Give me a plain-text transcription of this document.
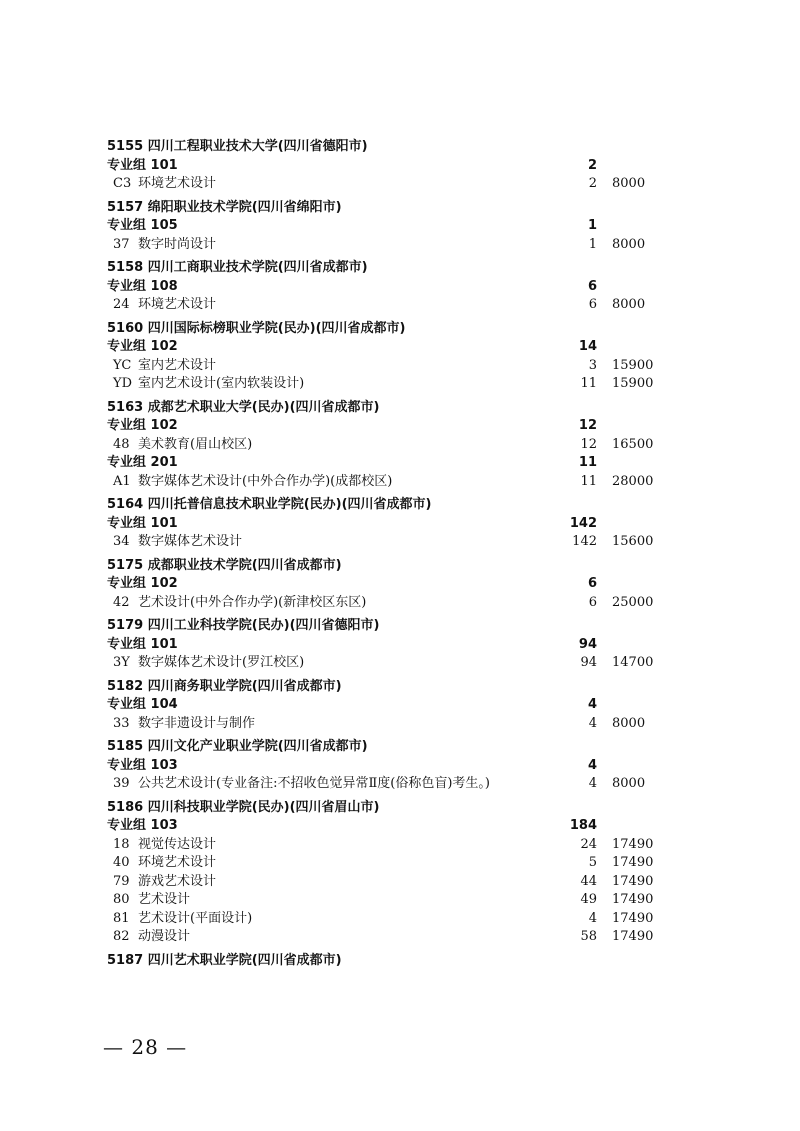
5155 四川工程职业技术大学(四川省德阳市)
专业组 101	2
C3 环境艺术设计	2 8000
5157 绵阳职业技术学院(四川省绵阳市)
专业组 105	1
37 数字时尚设计	1 8000
5158 四川工商职业技术学院(四川省成都市)
专业组 108	6
24 环境艺术设计	6 8000
5160 四川国际标榜职业学院(民办)(四川省成都市)
专业组 102	14
YC 室内艺术设计	3 15900
YD 室内艺术设计(室内软装设计)	11 15900
5163 成都艺术职业大学(民办)(四川省成都市)
专业组 102	12
48 美术教育(眉山校区)	12 16500
专业组 201	11
A1 数字媒体艺术设计(中外合作办学)(成都校区)	11 28000
5164 四川托普信息技术职业学院(民办)(四川省成都市)
专业组 101	142
34 数字媒体艺术设计	142 15600
5175 成都职业技术学院(四川省成都市)
专业组 102	6
42 艺术设计(中外合作办学)(新津校区东区)	6 25000
5179 四川工业科技学院(民办)(四川省德阳市)
专业组 101	94
3Y 数字媒体艺术设计(罗江校区)	94 14700
5182 四川商务职业学院(四川省成都市)
专业组 104	4
33 数字非遗设计与制作	4 8000
5185 四川文化产业职业学院(四川省成都市)
专业组 103	4
39 公共艺术设计(专业备注:不招收色觉异常Ⅱ度(俗称色盲)考生。)	4 8000
5186 四川科技职业学院(民办)(四川省眉山市)
专业组 103	184
18 视觉传达设计	24 17490
40 环境艺术设计	5 17490
79 游戏艺术设计	44 17490
80 艺术设计	49 17490
81 艺术设计(平面设计)	4 17490
82 动漫设计	58 17490
5187 四川艺术职业学院(四川省成都市)
— 28 —
